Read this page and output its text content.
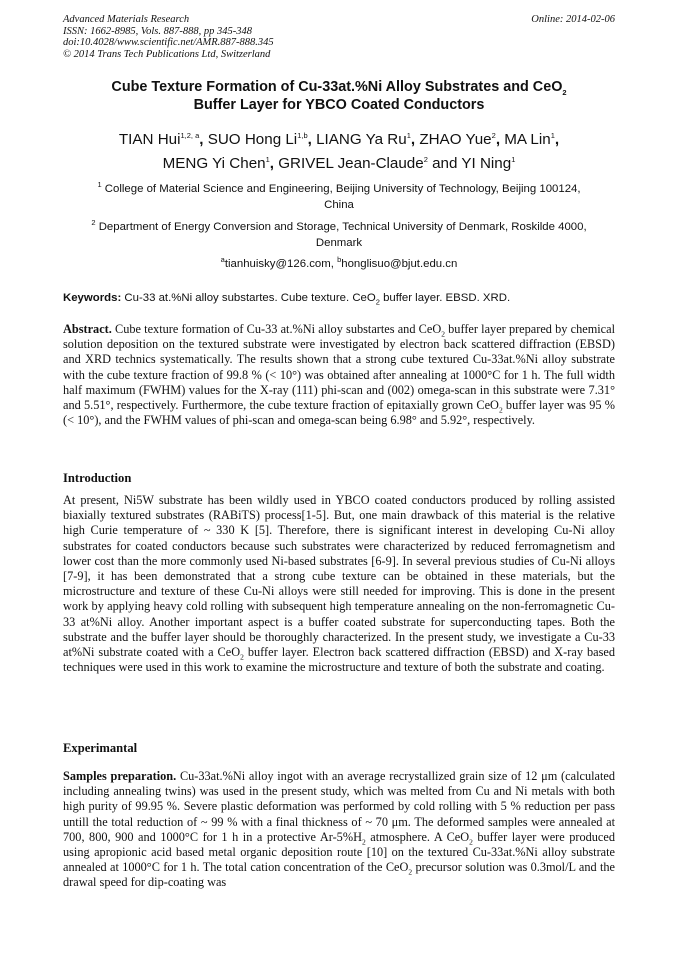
Advanced Materials Research
ISSN: 1662-8985, Vols. 887-888, pp 345-348
doi:10.4028/www.scientific.net/AMR.887-888.345
© 2014 Trans Tech Publications Ltd, Switzerland
Online: 2014-02-06
Cube Texture Formation of Cu-33at.%Ni Alloy Substrates and CeO$_2$
Buffer Layer for YBCO Coated Conductors
TIAN Hui$^{1,2, a}$, SUO Hong Li$^{1,b}$, LIANG Ya Ru$^1$, ZHAO Yue$^2$, MA Lin$^1$,
MENG Yi Chen$^1$, GRIVEL Jean-Claude$^2$ and YI Ning$^1$
$^1$ College of Material Science and Engineering, Beijing University of Technology, Beijing 100124,
China
$^2$ Department of Energy Conversion and Storage, Technical University of Denmark, Roskilde 4000,
Denmark
$^a$tianhuisky@126.com, $^b$honglisuo@bjut.edu.cn
Keywords: Cu-33 at.%Ni alloy substartes. Cube texture. CeO$_2$ buffer layer. EBSD. XRD.
Abstract. Cube texture formation of Cu-33 at.%Ni alloy substartes and CeO$_2$ buffer layer prepared by chemical solution deposition on the textured substrate were investigated by electron back scattered diffraction (EBSD) and XRD technics systematically. The results shown that a strong cube textured Cu-33at.%Ni alloy substrate with the cube texture fraction of 99.8 % (< 10°) was obtained after annealing at 1000°C for 1 h. The full width half maximum (FWHM) values for the X-ray (111) phi-scan and (002) omega-scan in this substrate were 7.31° and 5.51°, respectively. Furthermore, the cube texture fraction of epitaxially grown CeO$_2$ buffer layer was 95 % (< 10°), and the FWHM values of phi-scan and omega-scan being 6.98° and 5.92°, respectively.
Introduction
At present, Ni5W substrate has been wildly used in YBCO coated conductors produced by rolling assisted biaxially textured substrates (RABiTS) process[1-5]. But, one main drawback of this material is the relative high Curie temperature of ~ 330 K [5]. Therefore, there is significant interest in developing Cu-Ni alloy substrates for coated conductors because such substrates were characterized by reduced ferromagnetism and lower cost than the more commonly used Ni-based substrates [6-9]. In several previous studies of Cu-Ni alloys [7-9], it has been demonstrated that a strong cube texture can be obtained in these materials, but the microstructure and texture of these Cu-Ni alloys were still needed for improving. This is done in the present work by applying heavy cold rolling with subsequent high temperature annealing on the non-ferromagnetic Cu-33 at%Ni alloy. Another important aspect is a buffer coated substrate for superconducting tapes. Both the substrate and the buffer layer should be thoroughly characterized. In the present study, we investigate a Cu-33 at%Ni substrate coated with a CeO$_2$ buffer layer. Electron back scattered diffraction (EBSD) and X-ray based techniques were used in this work to examine the microstructure and texture of both the substrate and coating.
Experimantal
Samples preparation. Cu-33at.%Ni alloy ingot with an average recrystallized grain size of 12 μm (calculated including annealing twins) was used in the present study, which was melted from Cu and Ni metals with both high purity of 99.95 %. Severe plastic deformation was performed by cold rolling with 5 % reduction per pass untill the total reduction of ~ 99 % with a final thickness of ~ 70 μm. The deformed samples were annealed at 700, 800, 900 and 1000°C for 1 h in a protective $Ar-5\%H_2$ atmosphere. A CeO$_2$ buffer layer were produced using apropionic acid based metal organic deposition route [10] on the textured Cu-33at.%Ni alloy substrate annealed at 1000°C for 1 h. The total cation concentration of the CeO$_2$ precursor solution was 0.3mol/L and the drawal speed for dip-coating was
